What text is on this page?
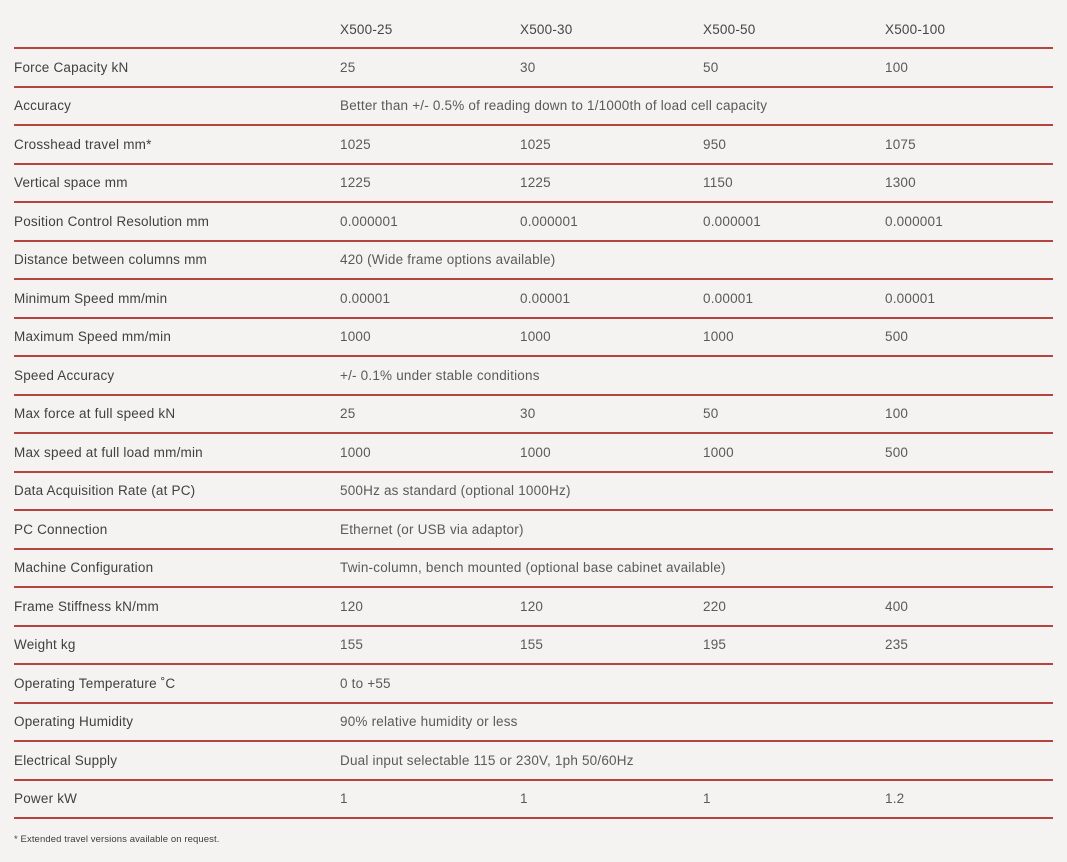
	X500-25	X500-30	X500-50	X500-100
Force Capacity kN	25	30	50	100
Accuracy	Better than +/- 0.5% of reading down to 1/1000th of load cell capacity			
Crosshead travel mm*	1025	1025	950	1075
Vertical space mm	1225	1225	1150	1300
Position Control Resolution mm	0.000001	0.000001	0.000001	0.000001
Distance between columns mm	420 (Wide frame options available)			
Minimum Speed mm/min	0.00001	0.00001	0.00001	0.00001
Maximum Speed mm/min	1000	1000	1000	500
Speed Accuracy	+/- 0.1% under stable conditions			
Max force at full speed kN	25	30	50	100
Max speed at full load mm/min	1000	1000	1000	500
Data Acquisition Rate (at PC)	500Hz as standard (optional 1000Hz)			
PC Connection	Ethernet (or USB via adaptor)			
Machine Configuration	Twin-column, bench mounted (optional base cabinet available)			
Frame Stiffness kN/mm	120	120	220	400
Weight kg	155	155	195	235
Operating Temperature ˚C	0 to +55			
Operating Humidity	90% relative humidity or less			
Electrical Supply	Dual input selectable 115 or 230V, 1ph 50/60Hz			
Power kW	1	1	1	1.2
* Extended travel versions available on request.
